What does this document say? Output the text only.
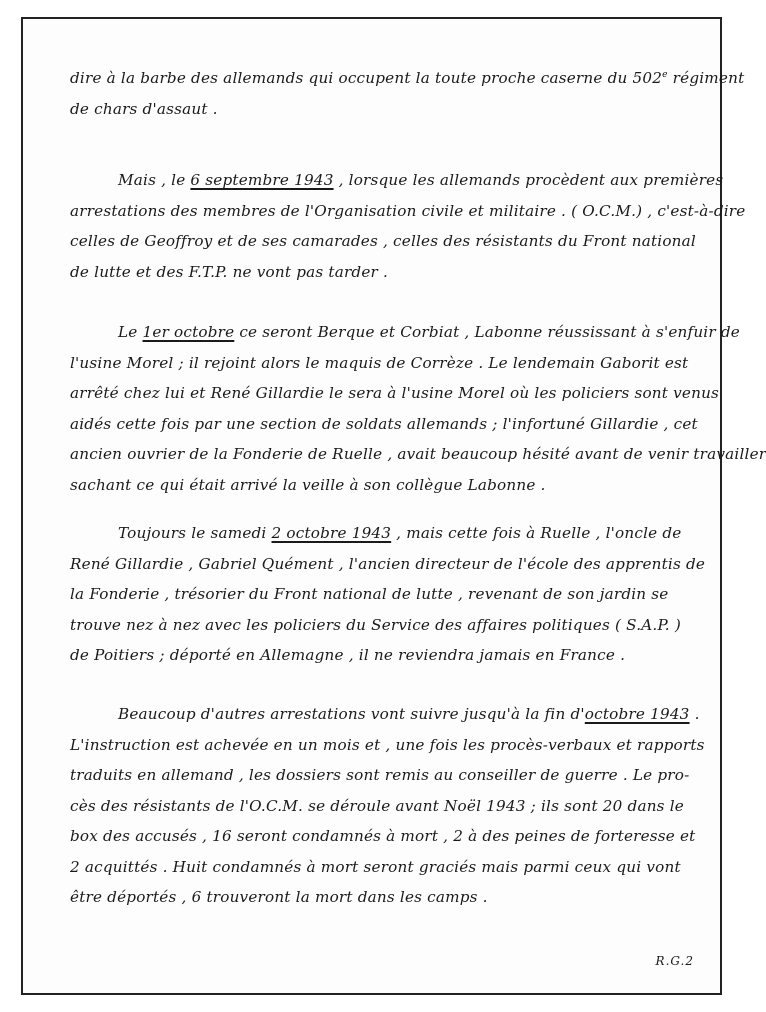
dire à la barbe des allemands qui occupent la toute proche caserne du 502e régiment
de chars d'assaut .
Mais , le 6 septembre 1943 , lorsque les allemands procèdent aux premières
arrestations des membres de l'Organisation civile et militaire . ( O.C.M.) , c'est-à-dire
celles de Geoffroy et de ses camarades , celles des résistants du Front national
de lutte et des F.T.P. ne vont pas tarder .
Le 1er octobre ce seront Berque et Corbiat , Labonne réussissant à s'enfuir de
l'usine Morel ; il rejoint alors le maquis de Corrèze . Le lendemain Gaborit est
arrêté chez lui et René Gillardie le sera à l'usine Morel où les policiers sont venus
aidés cette fois par une section de soldats allemands ; l'infortuné Gillardie , cet
ancien ouvrier de la Fonderie de Ruelle , avait beaucoup hésité avant de venir travailler
sachant ce qui était arrivé la veille à son collègue Labonne .
Toujours le samedi 2 octobre 1943 , mais cette fois à Ruelle , l'oncle de
René Gillardie , Gabriel Quément , l'ancien directeur de l'école des apprentis de
la Fonderie , trésorier du Front national de lutte , revenant de son jardin se
trouve nez à nez avec les policiers du Service des affaires politiques ( S.A.P. )
de Poitiers ; déporté en Allemagne , il ne reviendra jamais en France .
Beaucoup d'autres arrestations vont suivre jusqu'à la fin d'octobre 1943 .
L'instruction est achevée en un mois et , une fois les procès-verbaux et rapports
traduits en allemand , les dossiers sont remis au conseiller de guerre . Le pro-
cès des résistants de l'O.C.M. se déroule avant Noël 1943 ; ils sont 20 dans le
box des accusés , 16 seront condamnés à mort , 2 à des peines de forteresse et
2 acquittés . Huit condamnés à mort seront graciés mais parmi ceux qui vont
être déportés , 6 trouveront la mort dans les camps .
R.G.2
